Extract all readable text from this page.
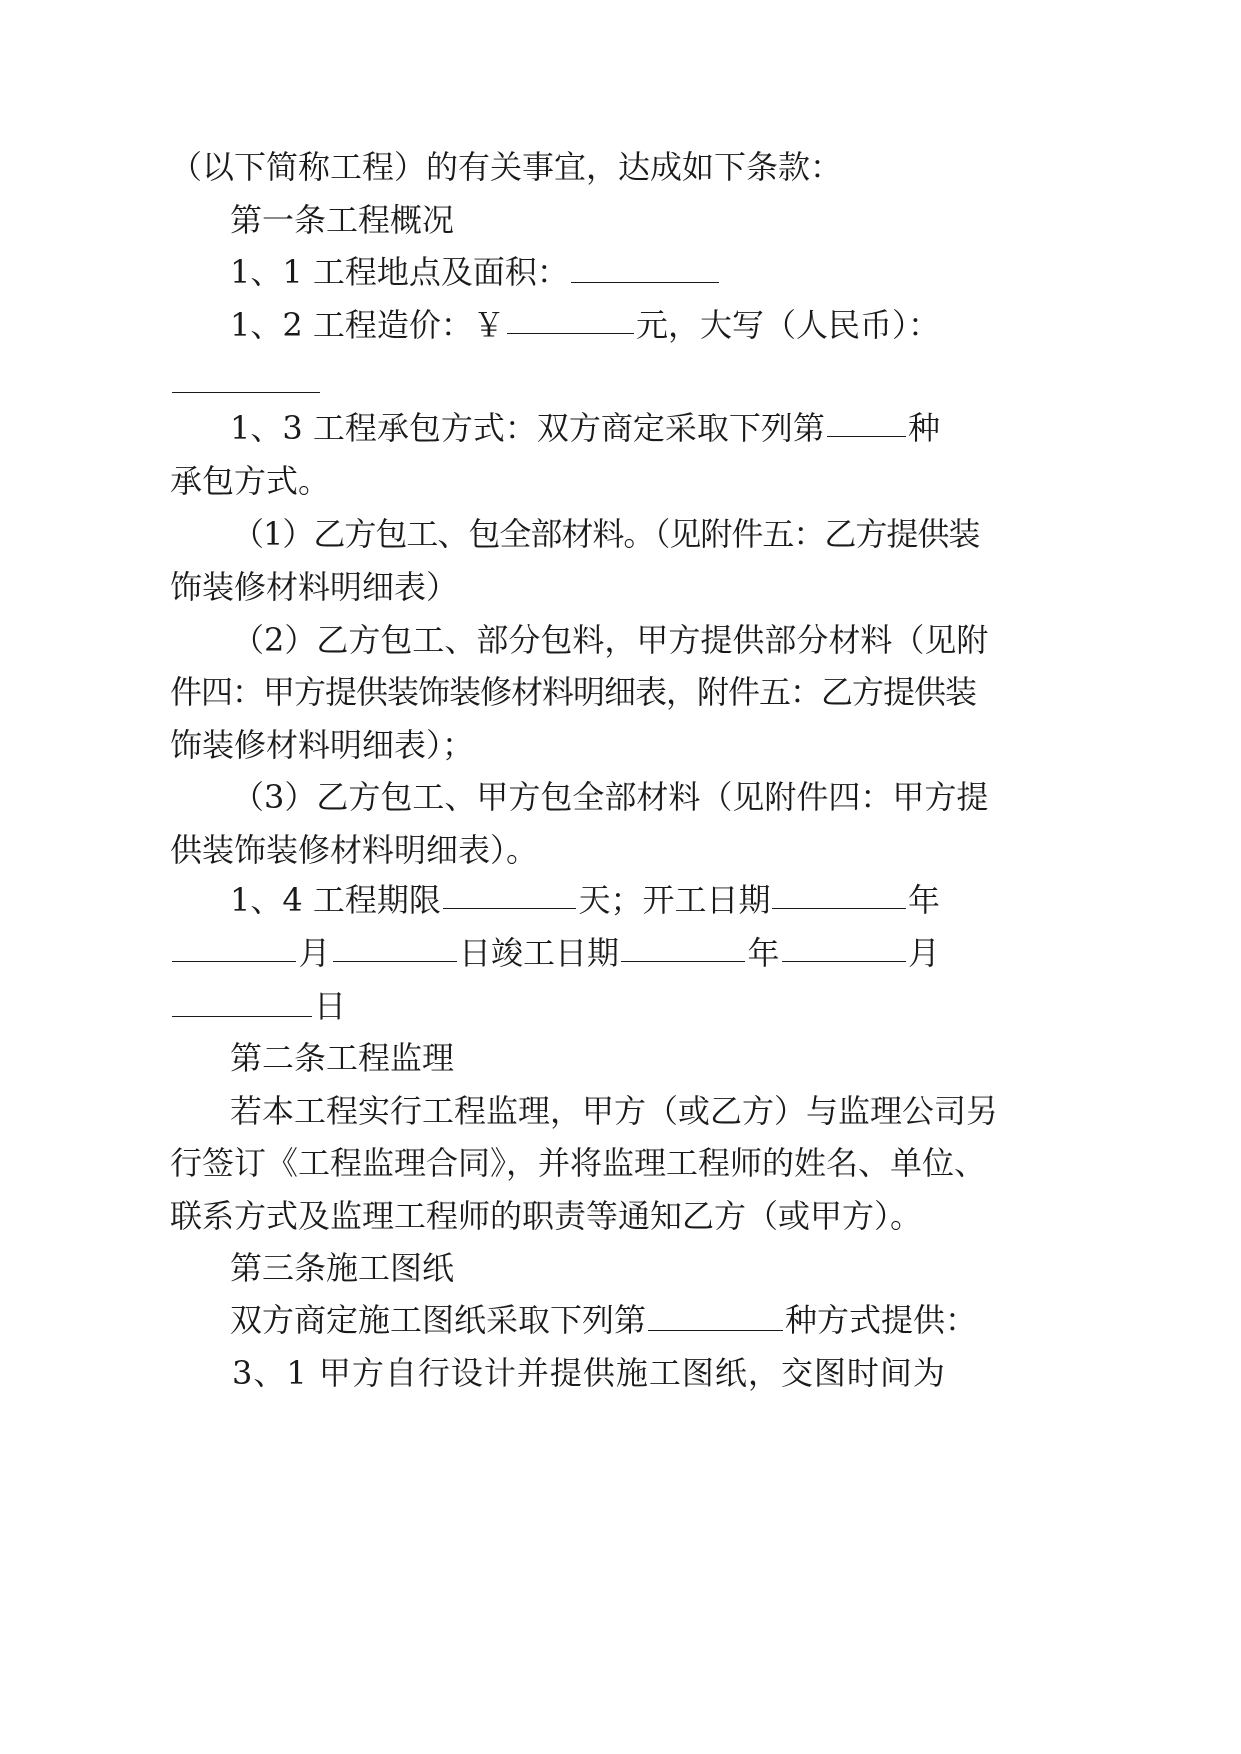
（以下简称工程）的有关事宜，达成如下条款：
第一条工程概况
1、1 工程地点及面积：
1、2 工程造价：￥	元，大写（人民币）：
1、3 工程承包方式：双方商定采取下列第	种
承包方式。
（1）乙方包工、包全部材料。（见附件五：乙方提供装
饰装修材料明细表）
（2）乙方包工、部分包料，甲方提供部分材料（见附
件四：甲方提供装饰装修材料明细表，附件五：乙方提供装
饰装修材料明细表）；
（3）乙方包工、甲方包全部材料（见附件四：甲方提
供装饰装修材料明细表）。
1、4 工程期限	天；开工日期	年
月	日竣工日期	年	月
日
第二条工程监理
若本工程实行工程监理，甲方（或乙方）与监理公司另
行签订《工程监理合同》，并将监理工程师的姓名、单位、
联系方式及监理工程师的职责等通知乙方（或甲方）。
第三条施工图纸
双方商定施工图纸采取下列第	种方式提供：
3、1 甲方自行设计并提供施工图纸，交图时间为
